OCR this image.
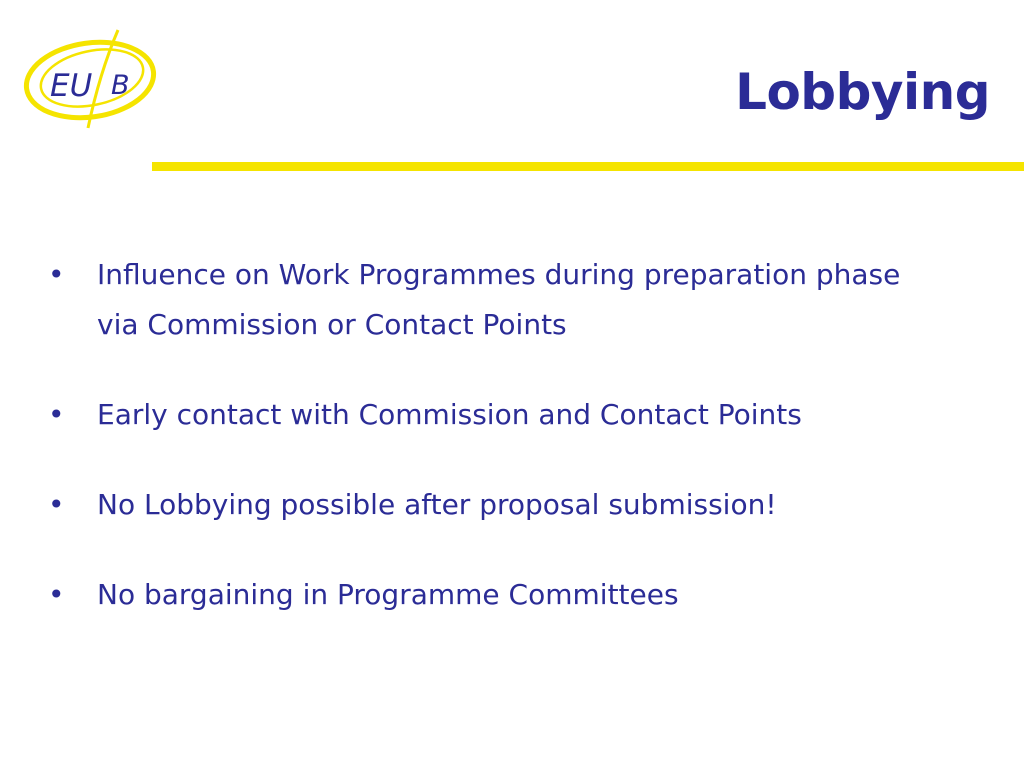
EU B	Lobbying
• Influence on Work Programmes during preparation phase via Commission or Contact Points
• Early contact with Commission and Contact Points
• No Lobbying possible after proposal submission!
• No bargaining in Programme Committees
